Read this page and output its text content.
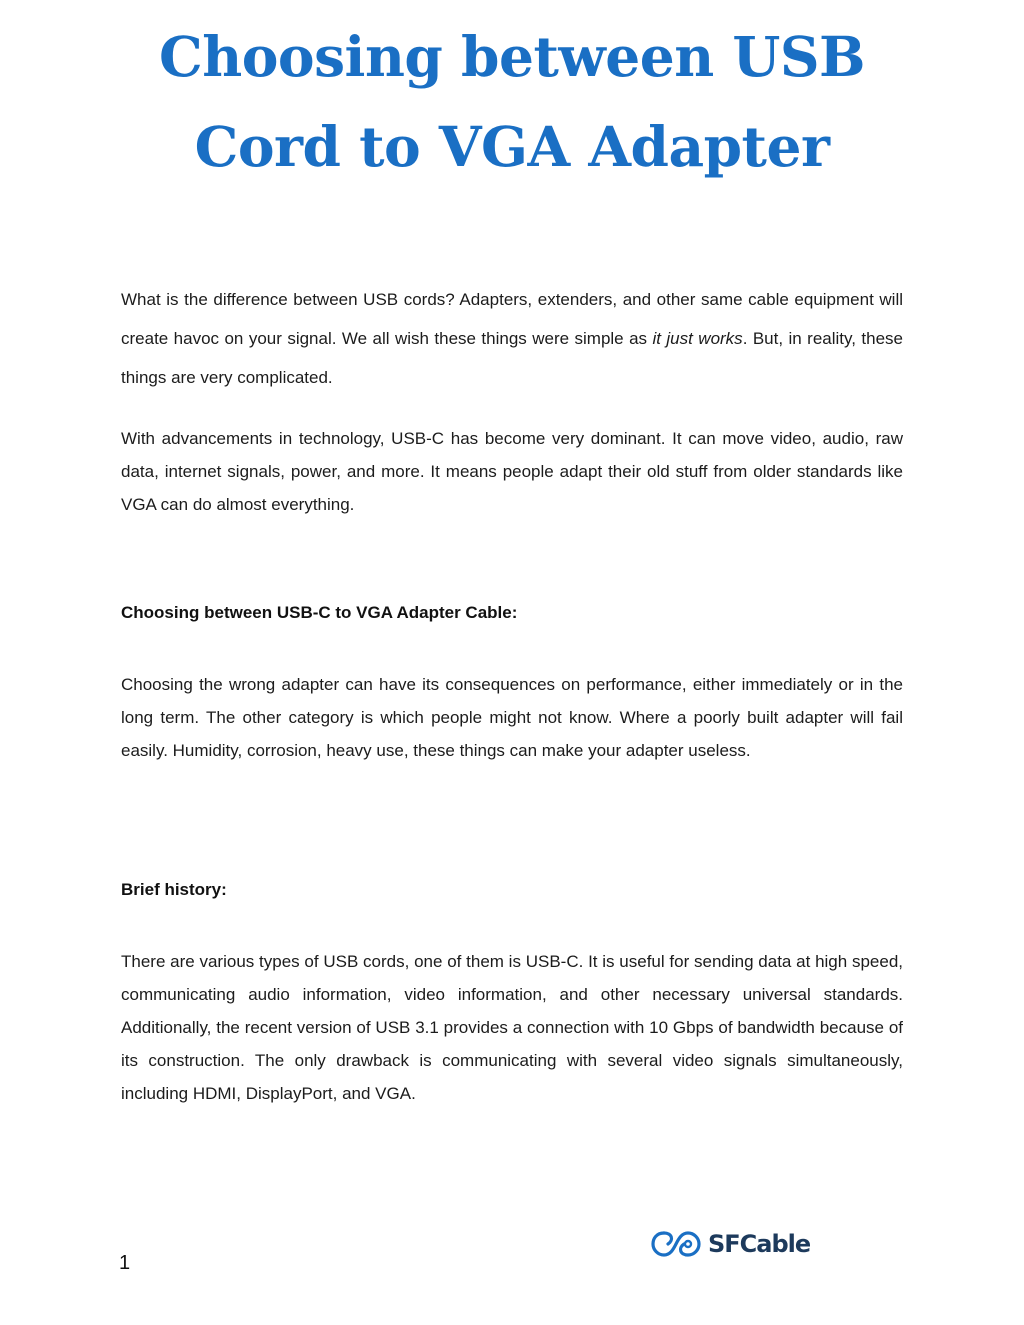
Choosing between USB
Cord to VGA Adapter

What is the difference between USB cords? Adapters, extenders, and other same cable equipment will create havoc on your signal. We all wish these things were simple as it just works. But, in reality, these things are very complicated.

With advancements in technology, USB-C has become very dominant. It can move video, audio, raw data, internet signals, power, and more. It means people adapt their old stuff from older standards like VGA can do almost everything.

Choosing between USB-C to VGA Adapter Cable:

Choosing the wrong adapter can have its consequences on performance, either immediately or in the long term. The other category is which people might not know. Where a poorly built adapter will fail easily. Humidity, corrosion, heavy use, these things can make your adapter useless.

Brief history:

There are various types of USB cords, one of them is USB-C. It is useful for sending data at high speed, communicating audio information, video information, and other necessary universal standards. Additionally, the recent version of USB 3.1 provides a connection with 10 Gbps of bandwidth because of its construction. The only drawback is communicating with several video signals simultaneously, including HDMI, DisplayPort, and VGA.

SFCable
1
